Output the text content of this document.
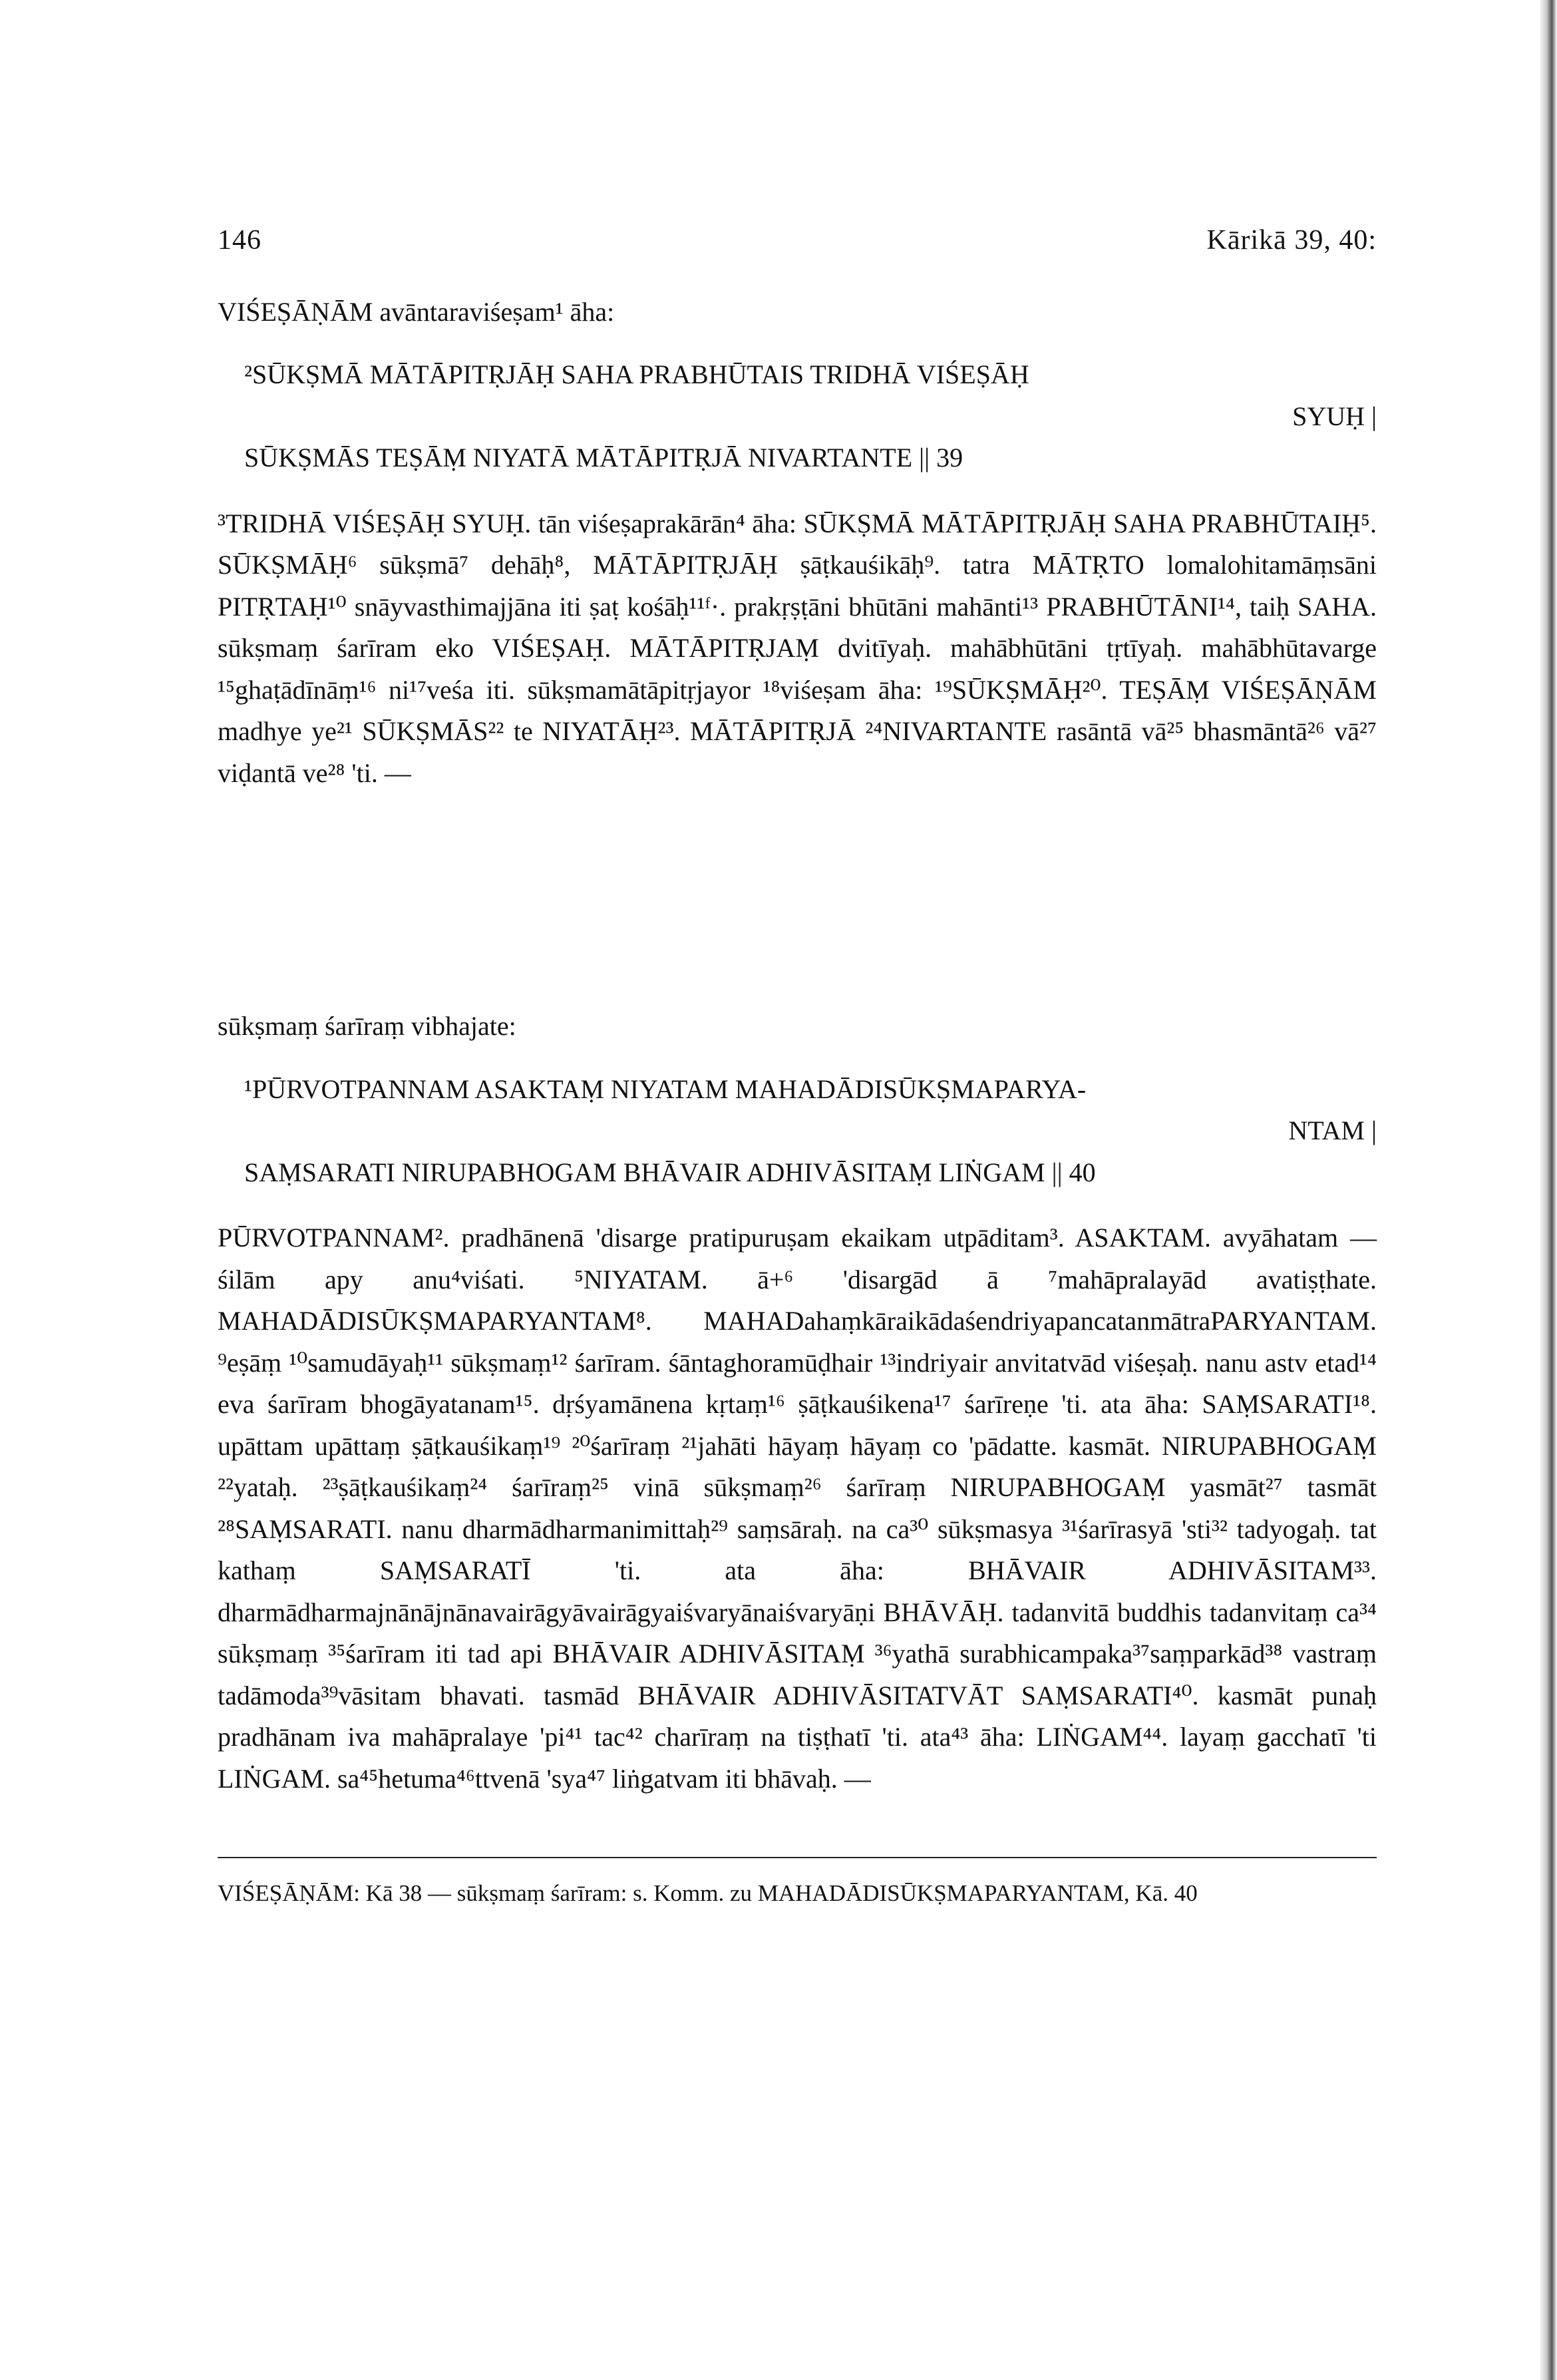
146	Kārikā 39, 40:

VIŚEṢĀṆĀM avāntaraviśeṣam¹ āha:

²SŪKṢMĀ MĀTĀPITṚJĀḤ SAHA PRABHŪTAIS TRIDHĀ VIŚEṢĀḤ
SYUḤ |
SŪKṢMĀS TEṢĀṂ NIYATĀ MĀTĀPITṚJĀ NIVARTANTE || 39

³TRIDHĀ VIŚEṢĀḤ SYUḤ. tān viśeṣaprakārān⁴ āha: SŪKṢMĀ MĀTĀPITṚJĀḤ SAHA PRABHŪTAIḤ⁵. SŪKṢMĀḤ⁶ sūkṣmā⁷ dehāḥ⁸, MĀTĀPITṚJĀḤ ṣāṭkauśikāḥ⁹. tatra MĀTṚTO lomalohitamāṃsāni PITṚTAḤ¹⁰ snāyvasthimajjāna iti ṣaṭ kośāḥ¹¹ᶠ·. prakṛṣṭāni bhūtāni mahānti¹³ PRABHŪTĀNI¹⁴, taiḥ SAHA. sūkṣmaṃ śarīram eko VIŚEṢAḤ. MĀTĀPITṚJAṂ dvitīyaḥ. mahābhūtāni tṛtīyaḥ. mahābhūtavarge ¹⁵ghaṭādīnāṃ¹⁶ ni¹⁷veśa iti. sūkṣmamātāpitṛjayor ¹⁸viśeṣam āha: ¹⁹SŪKṢMĀḤ²⁰. TEṢĀṂ VIŚEṢĀṆĀM madhye ye²¹ SŪKṢMĀS²² te NIYATĀḤ²³. MĀTĀPITṚJĀ ²⁴NIVARTANTE rasāntā vā²⁵ bhasmāntā²⁶ vā²⁷ viḍantā ve²⁸ 'ti. —

sūkṣmaṃ śarīraṃ vibhajate:

¹PŪRVOTPANNAM ASAKTAṂ NIYATAM MAHADĀDISŪKṢMAPARYA-
NTAM |
SAṂSARATI NIRUPABHOGAM BHĀVAIR ADHIVĀSITAṂ LIṄGAM || 40

PŪRVOTPANNAM². pradhānenā 'disarge pratipuruṣam ekaikam utpāditam³. ASAKTAM. avyāhatam — śilām apy anu⁴viśati. ⁵NIYATAM. ā+⁶ 'disargād ā ⁷mahāpralayād avatiṣṭhate. MAHADĀDISŪKṢMAPARYANTAM⁸. MAHADahaṃkāraikādaśendriyapancatanmātraPARYANTAM. ⁹eṣāṃ ¹⁰samudāyaḥ¹¹ sūkṣmaṃ¹² śarīram. śāntaghoramūḍhair ¹³indriyair anvitatvād viśeṣaḥ. nanu astv etad¹⁴ eva śarīram bhogāyatanam¹⁵. dṛśyamānena kṛtaṃ¹⁶ ṣāṭkauśikena¹⁷ śarīreṇe 'ti. ata āha: SAṂSARATI¹⁸. upāttam upāttaṃ ṣāṭkauśikaṃ¹⁹ ²⁰śarīraṃ ²¹jahāti hāyaṃ hāyaṃ co 'pādatte. kasmāt. NIRUPABHOGAṂ ²²yataḥ. ²³ṣāṭkauśikaṃ²⁴ śarīraṃ²⁵ vinā sūkṣmaṃ²⁶ śarīraṃ NIRUPABHOGAṂ yasmāt²⁷ tasmāt ²⁸SAṂSARATI. nanu dharmādharmanimittaḥ²⁹ saṃsāraḥ. na ca³⁰ sūkṣmasya ³¹śarīrasyā 'sti³² tadyogaḥ. tat kathaṃ SAṂSARATĪ 'ti. ata āha: BHĀVAIR ADHIVĀSITAM³³. dharmādharmajnānājnānavairāgyāvairāgyaiśvaryānaiśvaryāṇi BHĀVĀḤ. tadanvitā buddhis tadanvitaṃ ca³⁴ sūkṣmaṃ ³⁵śarīram iti tad api BHĀVAIR ADHIVĀSITAṂ ³⁶yathā surabhicampaka³⁷saṃparkād³⁸ vastraṃ tadāmoda³⁹vāsitam bhavati. tasmād BHĀVAIR ADHIVĀSITATVĀT SAṂSARATI⁴⁰. kasmāt punaḥ pradhānam iva mahāpralaye 'pi⁴¹ tac⁴² charīraṃ na tiṣṭhatī 'ti. ata⁴³ āha: LIṄGAM⁴⁴. layaṃ gacchatī 'ti LIṄGAM. sa⁴⁵hetuma⁴⁶ttvenā 'sya⁴⁷ liṅgatvam iti bhāvaḥ. —

VIŚEṢĀṆĀM: Kā 38 — sūkṣmaṃ śarīram: s. Komm. zu MAHADĀDISŪKṢMAPARYANTAM, Kā. 40
